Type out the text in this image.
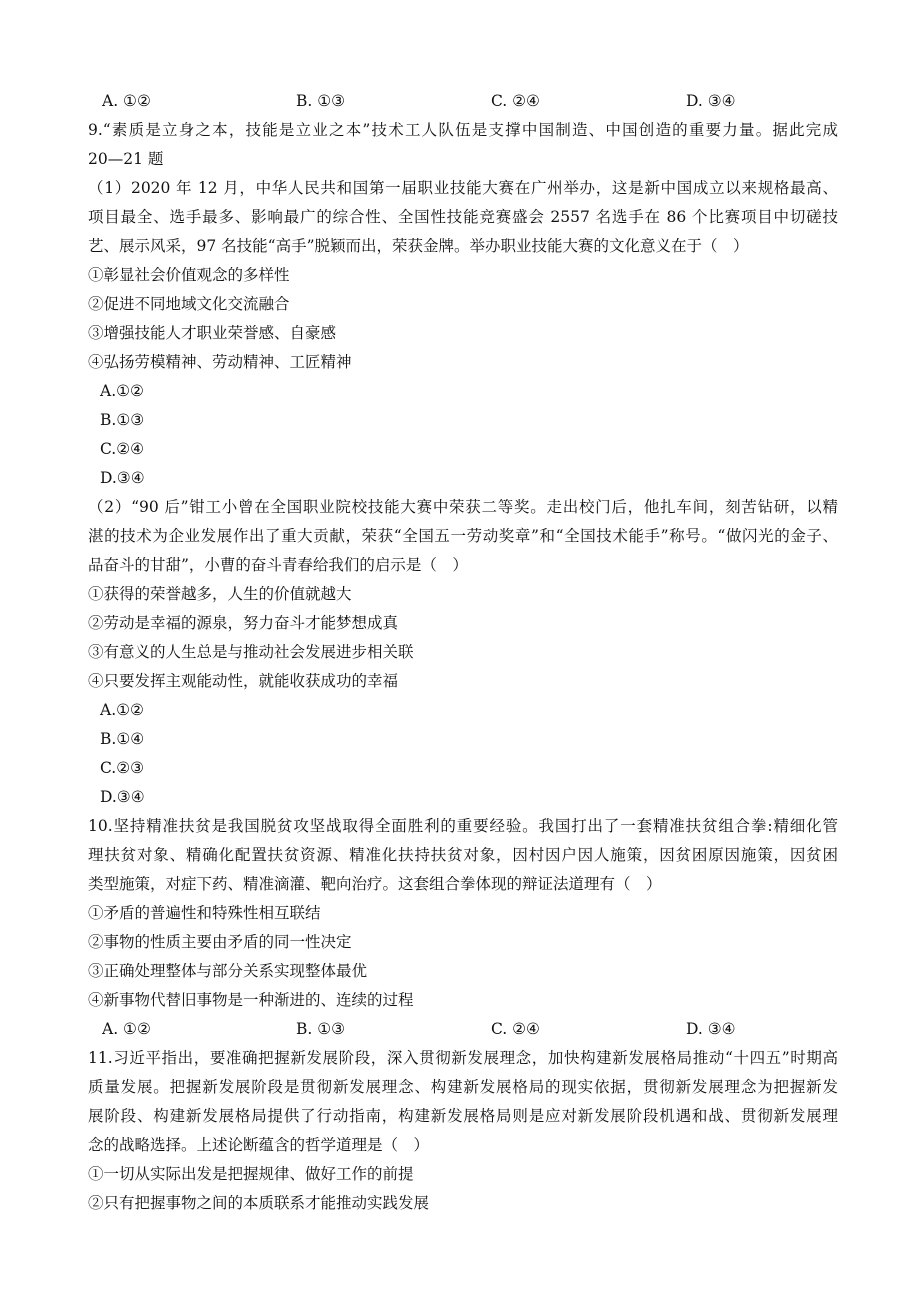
A. ①②	B. ①③	C. ②④	D. ③④
9.“素质是立身之本，技能是立业之本”技术工人队伍是支撑中国制造、中国创造的重要力量。据此完成
20—21 题
（1）2020 年 12 月，中华人民共和国第一届职业技能大赛在广州举办，这是新中国成立以来规格最高、
项目最全、选手最多、影响最广的综合性、全国性技能竞赛盛会 2557 名选手在 86 个比赛项目中切磋技
艺、展示风采，97 名技能“高手”脱颖而出，荣获金牌。举办职业技能大赛的文化意义在于（　）
①彰显社会价值观念的多样性
②促进不同地域文化交流融合
③增强技能人才职业荣誉感、自豪感
④弘扬劳模精神、劳动精神、工匠精神
A.①②
B.①③
C.②④
D.③④
（2）“90 后”钳工小曾在全国职业院校技能大赛中荣获二等奖。走出校门后，他扎车间，刻苦钻研，以精
湛的技术为企业发展作出了重大贡献，荣获“全国五一劳动奖章”和“全国技术能手”称号。“做闪光的金子、
品奋斗的甘甜”，小曹的奋斗青春给我们的启示是（　）
①获得的荣誉越多，人生的价值就越大
②劳动是幸福的源泉，努力奋斗才能梦想成真
③有意义的人生总是与推动社会发展进步相关联
④只要发挥主观能动性，就能收获成功的幸福
A.①②
B.①④
C.②③
D.③④
10.坚持精准扶贫是我国脱贫攻坚战取得全面胜利的重要经验。我国打出了一套精准扶贫组合拳:精细化管
理扶贫对象、精确化配置扶贫资源、精准化扶持扶贫对象，因村因户因人施策，因贫困原因施策，因贫困
类型施策，对症下药、精准滴灌、靶向治疗。这套组合拳体现的辩证法道理有（　）
①矛盾的普遍性和特殊性相互联结
②事物的性质主要由矛盾的同一性决定
③正确处理整体与部分关系实现整体最优
④新事物代替旧事物是一种渐进的、连续的过程
A. ①②	B. ①③	C. ②④	D. ③④
11.习近平指出，要准确把握新发展阶段，深入贯彻新发展理念，加快构建新发展格局推动“十四五”时期高
质量发展。把握新发展阶段是贯彻新发展理念、构建新发展格局的现实依据，贯彻新发展理念为把握新发
展阶段、构建新发展格局提供了行动指南，构建新发展格局则是应对新发展阶段机遇和战、贯彻新发展理
念的战略选择。上述论断蕴含的哲学道理是（　）
①一切从实际出发是把握规律、做好工作的前提
②只有把握事物之间的本质联系才能推动实践发展
